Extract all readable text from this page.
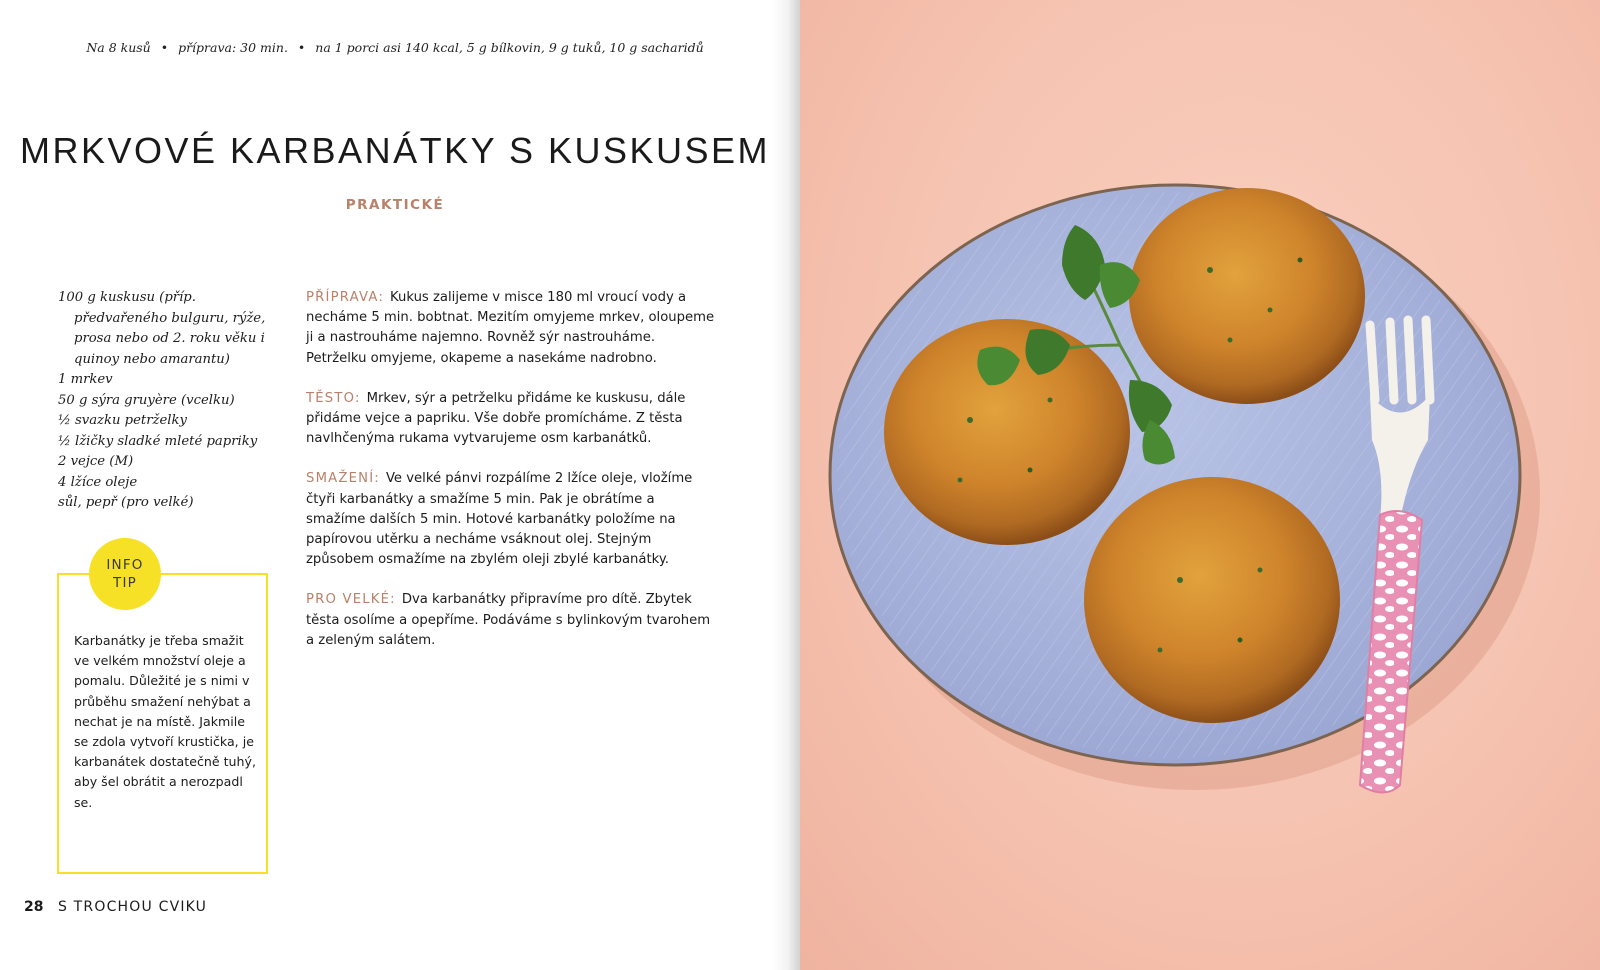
Na 8 kusů • příprava: 30 min. • na 1 porci asi 140 kcal, 5 g bílkovin, 9 g tuků, 10 g sacharidů
MRKVOVÉ KARBANÁTKY S KUSKUSEM
PRAKTICKÉ
100 g kuskusu (příp. předvařeného bulguru, rýže, prosa nebo od 2. roku věku i quinoy nebo amarantu)
1 mrkev
50 g sýra gruyère (vcelku)
½ svazku petrželky
½ lžičky sladké mleté papriky
2 vejce (M)
4 lžíce oleje
sůl, pepř (pro velké)

PŘÍPRAVA: Kukus zalijeme v misce 180 ml vroucí vody a necháme 5 min. bobtnat. Mezitím omyjeme mrkev, oloupeme ji a nastrouháme najemno. Rovněž sýr nastrouháme. Petrželku omyjeme, okapeme a nasekáme nadrobno.

TĚSTO: Mrkev, sýr a petrželku přidáme ke kuskusu, dále přidáme vejce a papriku. Vše dobře promícháme. Z těsta navlhčenýma rukama vytvarujeme osm karbanátků.

SMAŽENÍ: Ve velké pánvi rozpálíme 2 lžíce oleje, vložíme čtyři karbanátky a smažíme 5 min. Pak je obrátíme a smažíme dalších 5 min. Hotové karbanátky položíme na papírovou utěrku a necháme vsáknout olej. Stejným způsobem osmažíme na zbylém oleji zbylé karbanátky.

PRO VELKÉ: Dva karbanátky připravíme pro dítě. Zbytek těsta osolíme a opepříme. Podáváme s bylinkovým tvarohem a zeleným salátem.

INFO
TIP

Karbanátky je třeba smažit ve velkém množství oleje a pomalu. Důležité je s nimi v průběhu smažení nehýbat a nechat je na místě. Jakmile se zdola vytvoří krustička, je karbanátek dostatečně tuhý, aby šel obrátit a nerozpadl se.

28 S TROCHOU CVIKU
